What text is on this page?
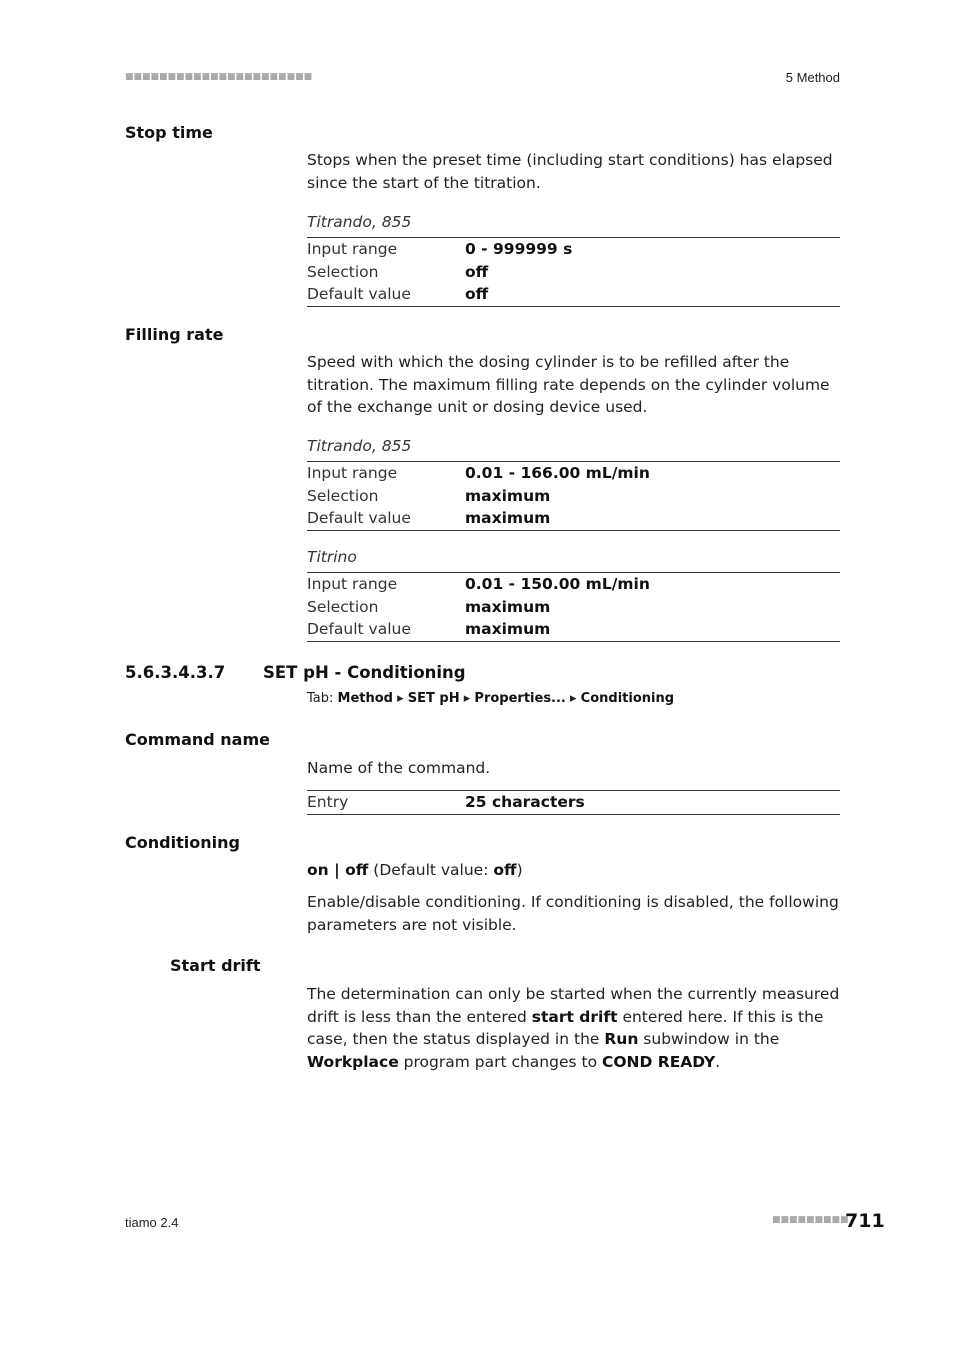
■■■■■■■■■■■■■■■■■■■■■■	5 Method
Stop time
Stops when the preset time (including start conditions) has elapsed since the start of the titration.
Titrando, 855
Input range	0 - 999999 s
Selection	off
Default value	off
Filling rate
Speed with which the dosing cylinder is to be refilled after the titration. The maximum filling rate depends on the cylinder volume of the exchange unit or dosing device used.
Titrando, 855
Input range	0.01 - 166.00 mL/min
Selection	maximum
Default value	maximum
Titrino
Input range	0.01 - 150.00 mL/min
Selection	maximum
Default value	maximum
5.6.3.4.3.7 SET pH - Conditioning
Tab: Method ▸ SET pH ▸ Properties... ▸ Conditioning
Command name
Name of the command.
Entry	25 characters
Conditioning
on | off (Default value: off)
Enable/disable conditioning. If conditioning is disabled, the following parameters are not visible.
Start drift
The determination can only be started when the currently measured drift is less than the entered start drift entered here. If this is the case, then the status displayed in the Run subwindow in the Workplace program part changes to COND READY.
tiamo 2.4	■■■■■■■■■
711
